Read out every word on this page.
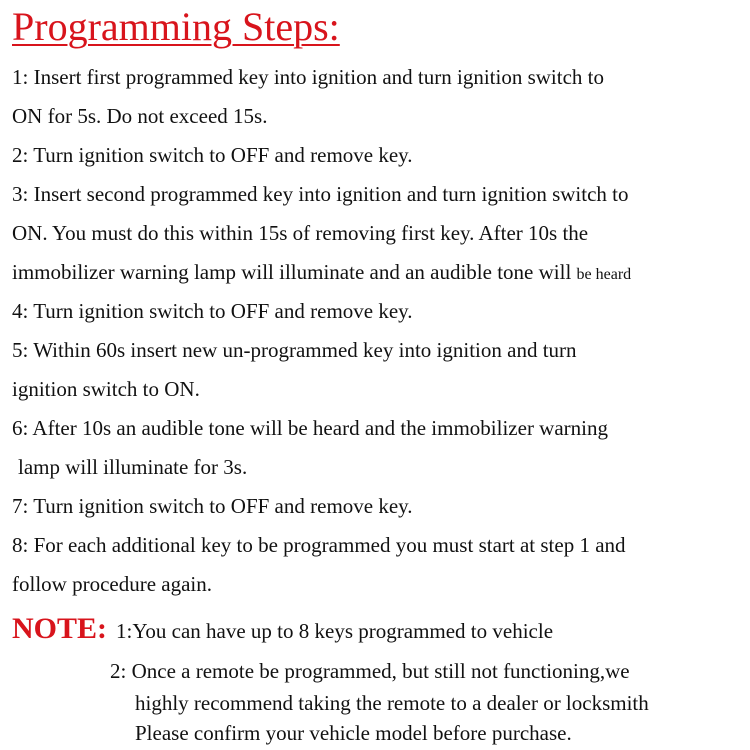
Programming Steps:
1: Insert first programmed key into ignition and turn ignition switch to
ON for 5s. Do not exceed 15s.
2: Turn ignition switch to OFF and remove key.
3: Insert second programmed key into ignition and turn ignition switch to
ON. You must do this within 15s of removing first key. After 10s the
immobilizer warning lamp will illuminate and an audible tone will be heard
4: Turn ignition switch to OFF and remove key.
5: Within 60s insert new un-programmed key into ignition and turn
ignition switch to ON.
6: After 10s an audible tone will be heard and the immobilizer warning
lamp will illuminate for 3s.
7: Turn ignition switch to OFF and remove key.
8: For each additional key to be programmed you must start at step 1 and
follow procedure again.
NOTE: 1:You can have up to 8 keys programmed to vehicle
2: Once a remote be programmed, but still not functioning,we
highly recommend taking the remote to a dealer or locksmith
Please confirm your vehicle model before purchase.
